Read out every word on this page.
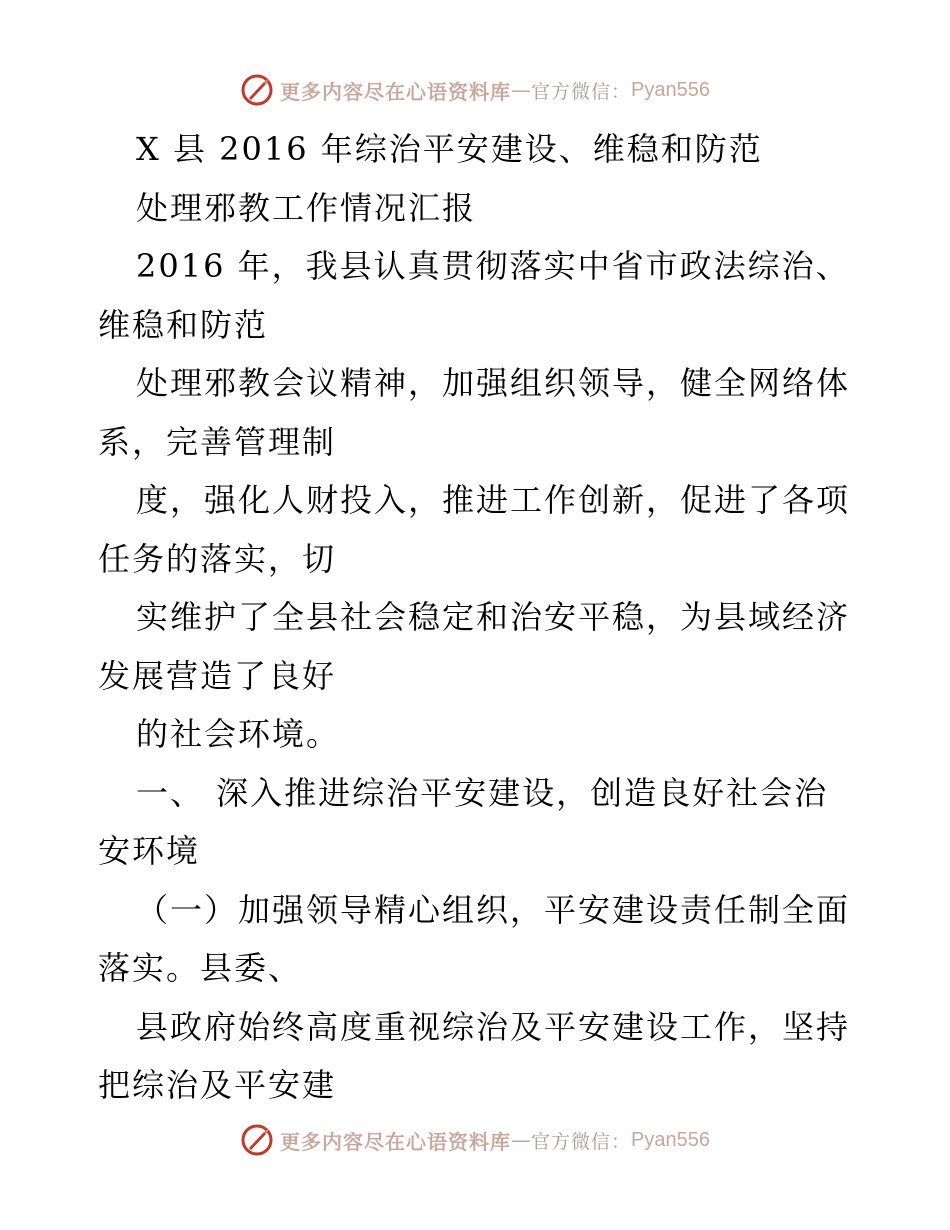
更多内容尽在心语资料库 — 官方微信： Pyan556
X 县 2016 年综治平安建设、维稳和防范
处理邪教工作情况汇报
2016 年，我县认真贯彻落实中省市政法综治、
维稳和防范
处理邪教会议精神，加强组织领导，健全网络体
系，完善管理制
度，强化人财投入，推进工作创新，促进了各项
任务的落实，切
实维护了全县社会稳定和治安平稳，为县域经济
发展营造了良好
的社会环境。
一、 深入推进综治平安建设，创造良好社会治
安环境
（一）加强领导精心组织，平安建设责任制全面
落实。县委、
县政府始终高度重视综治及平安建设工作，坚持
把综治及平安建
更多内容尽在心语资料库 — 官方微信： Pyan556
